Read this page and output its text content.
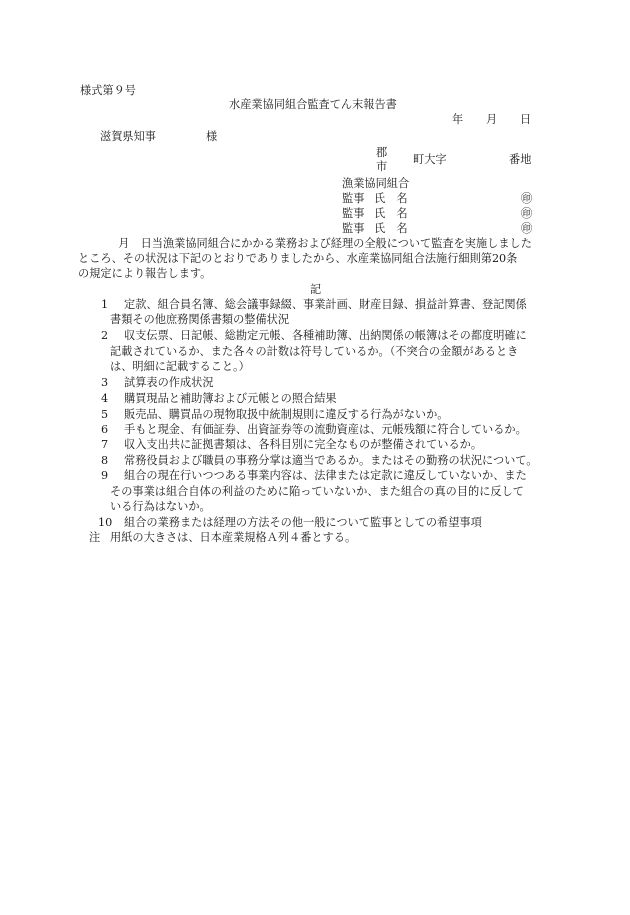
様式第９号
水産業協同組合監査てん末報告書
年 月 日
滋賀県知事	様
郡
市
町大字	番地
漁業協同組合
監事 氏　名	㊞
監事 氏　名	㊞
監事 氏　名	㊞
　月　日当漁業協同組合にかかる業務および経理の全般について監査を実施しました
ところ、その状況は下記のとおりでありましたから、水産業協同組合法施行細則第20条
の規定により報告します。
記
1 定款、組合員名簿、総会議事録綴、事業計画、財産目録、損益計算書、登記関係
書類その他庶務関係書類の整備状況
2 収支伝票、日記帳、総勘定元帳、各種補助簿、出納関係の帳簿はその都度明確に
記載されているか、また各々の計数は符号しているか。（不突合の金額があるとき
は、明細に記載すること。）
3 試算表の作成状況
4 購買現品と補助簿および元帳との照合結果
5 販売品、購買品の現物取扱中統制規則に違反する行為がないか。
6 手もと現金、有価証券、出資証券等の流動資産は、元帳残額に符合しているか。
7 収入支出共に証拠書類は、各科目別に完全なものが整備されているか。
8 常務役員および職員の事務分掌は適当であるか。またはその勤務の状況について。
9 組合の現在行いつつある事業内容は、法律または定款に違反していないか、また
その事業は組合自体の利益のために陥っていないか、また組合の真の目的に反して
いる行為はないか。
10 組合の業務または経理の方法その他一般について監事としての希望事項
注 用紙の大きさは、日本産業規格Ａ列４番とする。
